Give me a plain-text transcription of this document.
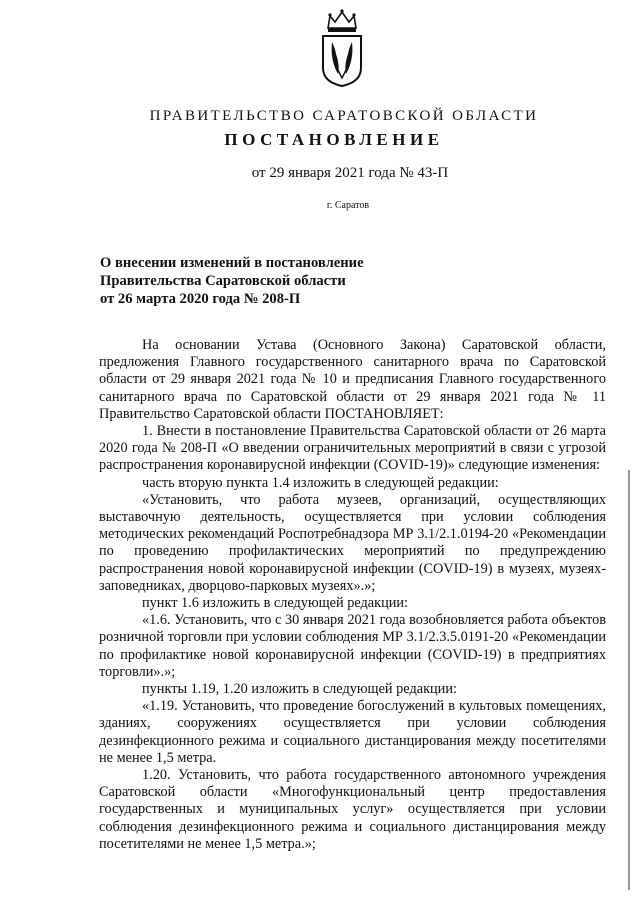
ПРАВИТЕЛЬСТВО САРАТОВСКОЙ ОБЛАСТИ
ПОСТАНОВЛЕНИЕ
от 29 января 2021 года № 43-П
г. Саратов
О внесении изменений в постановление
Правительства Саратовской области
от 26 марта 2020 года № 208-П

На основании Устава (Основного Закона) Саратовской области, предложения Главного государственного санитарного врача по Саратовской области от 29 января 2021 года № 10 и предписания Главного государственного санитарного врача по Саратовской области от 29 января 2021 года № 11 Правительство Саратовской области ПОСТАНОВЛЯЕТ:

1. Внести в постановление Правительства Саратовской области от 26 марта 2020 года № 208-П «О введении ограничительных мероприятий в связи с угрозой распространения коронавирусной инфекции (COVID-19)» следующие изменения:

часть вторую пункта 1.4 изложить в следующей редакции:

«Установить, что работа музеев, организаций, осуществляющих выставочную деятельность, осуществляется при условии соблюдения методических рекомендаций Роспотребнадзора МР 3.1/2.1.0194-20 «Рекомендации по проведению профилактических мероприятий по предупреждению распространения новой коронавирусной инфекции (COVID-19) в музеях, музеях-заповедниках, дворцово-парковых музеях».»;

пункт 1.6 изложить в следующей редакции:

«1.6. Установить, что с 30 января 2021 года возобновляется работа объектов розничной торговли при условии соблюдения МР 3.1/2.3.5.0191-20 «Рекомендации по профилактике новой коронавирусной инфекции (COVID-19) в предприятиях торговли».»;

пункты 1.19, 1.20 изложить в следующей редакции:

«1.19. Установить, что проведение богослужений в культовых помещениях, зданиях, сооружениях осуществляется при условии соблюдения дезинфекционного режима и социального дистанцирования между посетителями не менее 1,5 метра.

1.20. Установить, что работа государственного автономного учреждения Саратовской области «Многофункциональный центр предоставления государственных и муниципальных услуг» осуществляется при условии соблюдения дезинфекционного режима и социального дистанцирования между посетителями не менее 1,5 метра.»;
